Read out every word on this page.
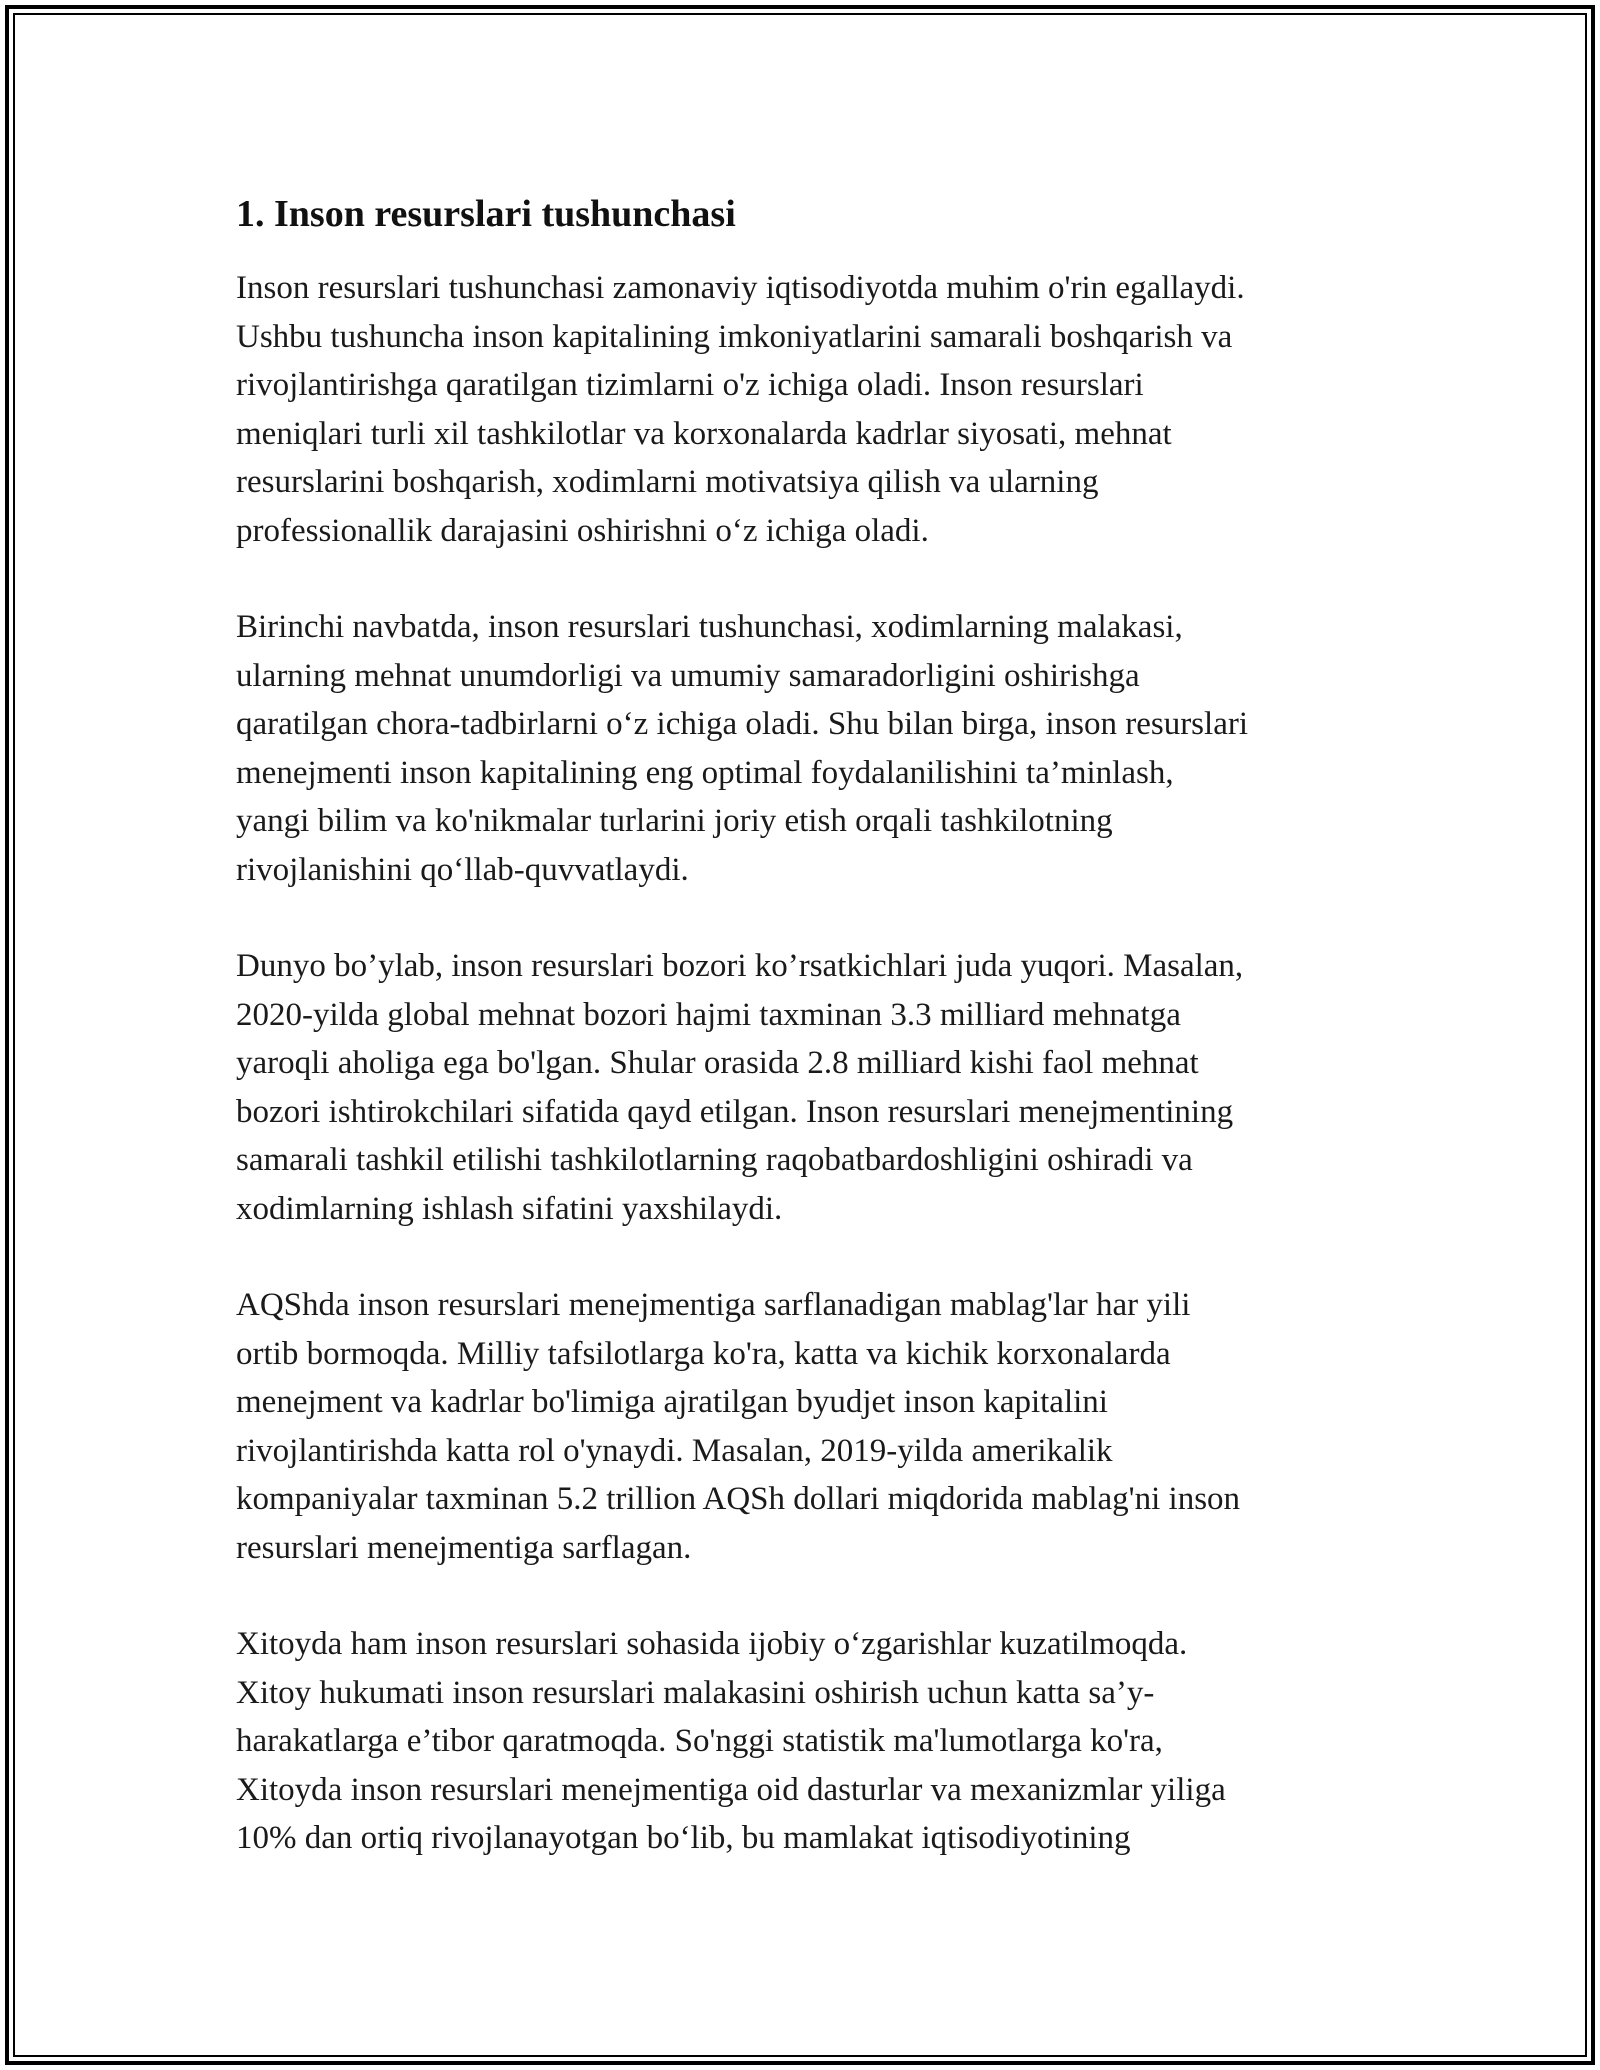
1. Inson resurslari tushunchasi
Inson resurslari tushunchasi zamonaviy iqtisodiyotda muhim o'rin egallaydi.
Ushbu tushuncha inson kapitalining imkoniyatlarini samarali boshqarish va
rivojlantirishga qaratilgan tizimlarni o'z ichiga oladi. Inson resurslari
meniqlari turli xil tashkilotlar va korxonalarda kadrlar siyosati, mehnat
resurslarini boshqarish, xodimlarni motivatsiya qilish va ularning
professionallik darajasini oshirishni o‘z ichiga oladi.
Birinchi navbatda, inson resurslari tushunchasi, xodimlarning malakasi,
ularning mehnat unumdorligi va umumiy samaradorligini oshirishga
qaratilgan chora-tadbirlarni o‘z ichiga oladi. Shu bilan birga, inson resurslari
menejmenti inson kapitalining eng optimal foydalanilishini ta’minlash,
yangi bilim va ko'nikmalar turlarini joriy etish orqali tashkilotning
rivojlanishini qo‘llab-quvvatlaydi.
Dunyo bo’ylab, inson resurslari bozori ko’rsatkichlari juda yuqori. Masalan,
2020-yilda global mehnat bozori hajmi taxminan 3.3 milliard mehnatga
yaroqli aholiga ega bo'lgan. Shular orasida 2.8 milliard kishi faol mehnat
bozori ishtirokchilari sifatida qayd etilgan. Inson resurslari menejmentining
samarali tashkil etilishi tashkilotlarning raqobatbardoshligini oshiradi va
xodimlarning ishlash sifatini yaxshilaydi.
AQShda inson resurslari menejmentiga sarflanadigan mablag'lar har yili
ortib bormoqda. Milliy tafsilotlarga ko'ra, katta va kichik korxonalarda
menejment va kadrlar bo'limiga ajratilgan byudjet inson kapitalini
rivojlantirishda katta rol o'ynaydi. Masalan, 2019-yilda amerikalik
kompaniyalar taxminan 5.2 trillion AQSh dollari miqdorida mablag'ni inson
resurslari menejmentiga sarflagan.
Xitoyda ham inson resurslari sohasida ijobiy o‘zgarishlar kuzatilmoqda.
Xitoy hukumati inson resurslari malakasini oshirish uchun katta sa’y-
harakatlarga e’tibor qaratmoqda. So'nggi statistik ma'lumotlarga ko'ra,
Xitoyda inson resurslari menejmentiga oid dasturlar va mexanizmlar yiliga
10% dan ortiq rivojlanayotgan bo‘lib, bu mamlakat iqtisodiyotining
